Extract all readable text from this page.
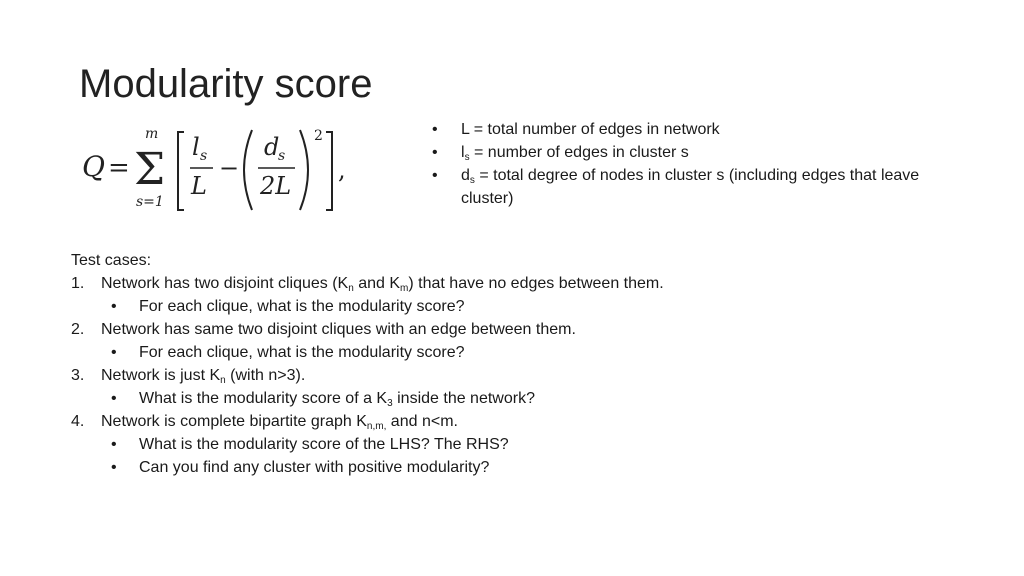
Modularity score
Q =
m
Σ
s=1
l s
L
−
d
s
2L
2
,
• L = total number of edges in network
• $l_s$ = number of edges in cluster s
• $d_s$ = total degree of nodes in cluster s (including edges that leave cluster)
Test cases:
1. Network has two disjoint cliques ($K_n$ and $K_m$) that have no edges between them.
• For each clique, what is the modularity score?
2. Network has same two disjoint cliques with an edge between them.
• For each clique, what is the modularity score?
3. Network is just $K_n$ (with n>3).
• What is the modularity score of a $K_3$ inside the network?
4. Network is complete bipartite graph $K_{n,m,}$ and n<m.
• What is the modularity score of the LHS? The RHS?
• Can you find any cluster with positive modularity?
